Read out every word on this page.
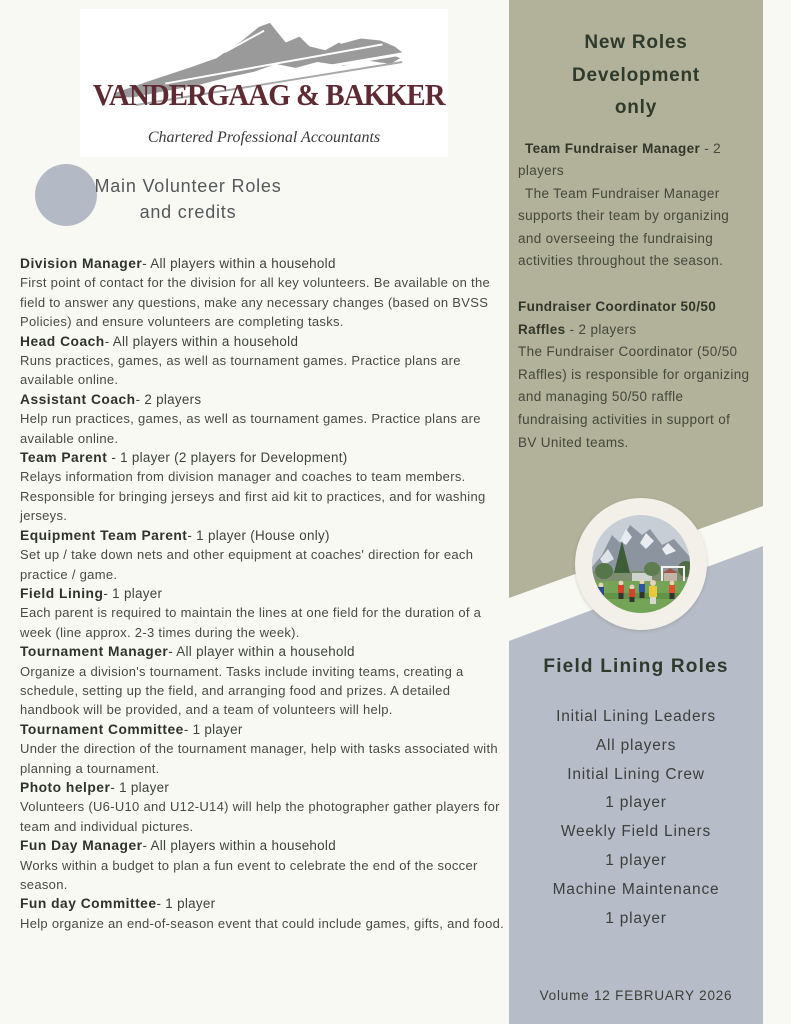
VANDERGAAG & BAKKER
Chartered Professional Accountants
Main Volunteer Roles
and credits
Division Manager- All players within a household
First point of contact for the division for all key volunteers. Be available on the field to answer any questions, make any necessary changes (based on BVSS Policies) and ensure volunteers are completing tasks.
Head Coach- All players within a household
Runs practices, games, as well as tournament games. Practice plans are available online.
Assistant Coach- 2 players
Help run practices, games, as well as tournament games. Practice plans are available online.
Team Parent - 1 player (2 players for Development)
Relays information from division manager and coaches to team members. Responsible for bringing jerseys and first aid kit to practices, and for washing jerseys.
Equipment Team Parent- 1 player (House only)
Set up / take down nets and other equipment at coaches' direction for each practice / game.
Field Lining- 1 player
Each parent is required to maintain the lines at one field for the duration of a week (line approx. 2-3 times during the week).
Tournament Manager- All player within a household
Organize a division's tournament. Tasks include inviting teams, creating a schedule, setting up the field, and arranging food and prizes. A detailed handbook will be provided, and a team of volunteers will help.
Tournament Committee- 1 player
Under the direction of the tournament manager, help with tasks associated with planning a tournament.
Photo helper- 1 player
Volunteers (U6-U10 and U12-U14) will help the photographer gather players for team and individual pictures.
Fun Day Manager- All players within a household
Works within a budget to plan a fun event to celebrate the end of the soccer season.
Fun day Committee- 1 player
Help organize an end-of-season event that could include games, gifts, and food.
New Roles
Development
only
Team Fundraiser Manager - 2 players
The Team Fundraiser Manager supports their team by organizing and overseeing the fundraising activities throughout the season.
Fundraiser Coordinator 50/50 Raffles - 2 players
The Fundraiser Coordinator (50/50 Raffles) is responsible for organizing and managing 50/50 raffle fundraising activities in support of BV United teams.
Field Lining Roles
Initial Lining Leaders
All players
Initial Lining Crew
1 player
Weekly Field Liners
1 player
Machine Maintenance
1 player
Volume 12 FEBRUARY 2026
